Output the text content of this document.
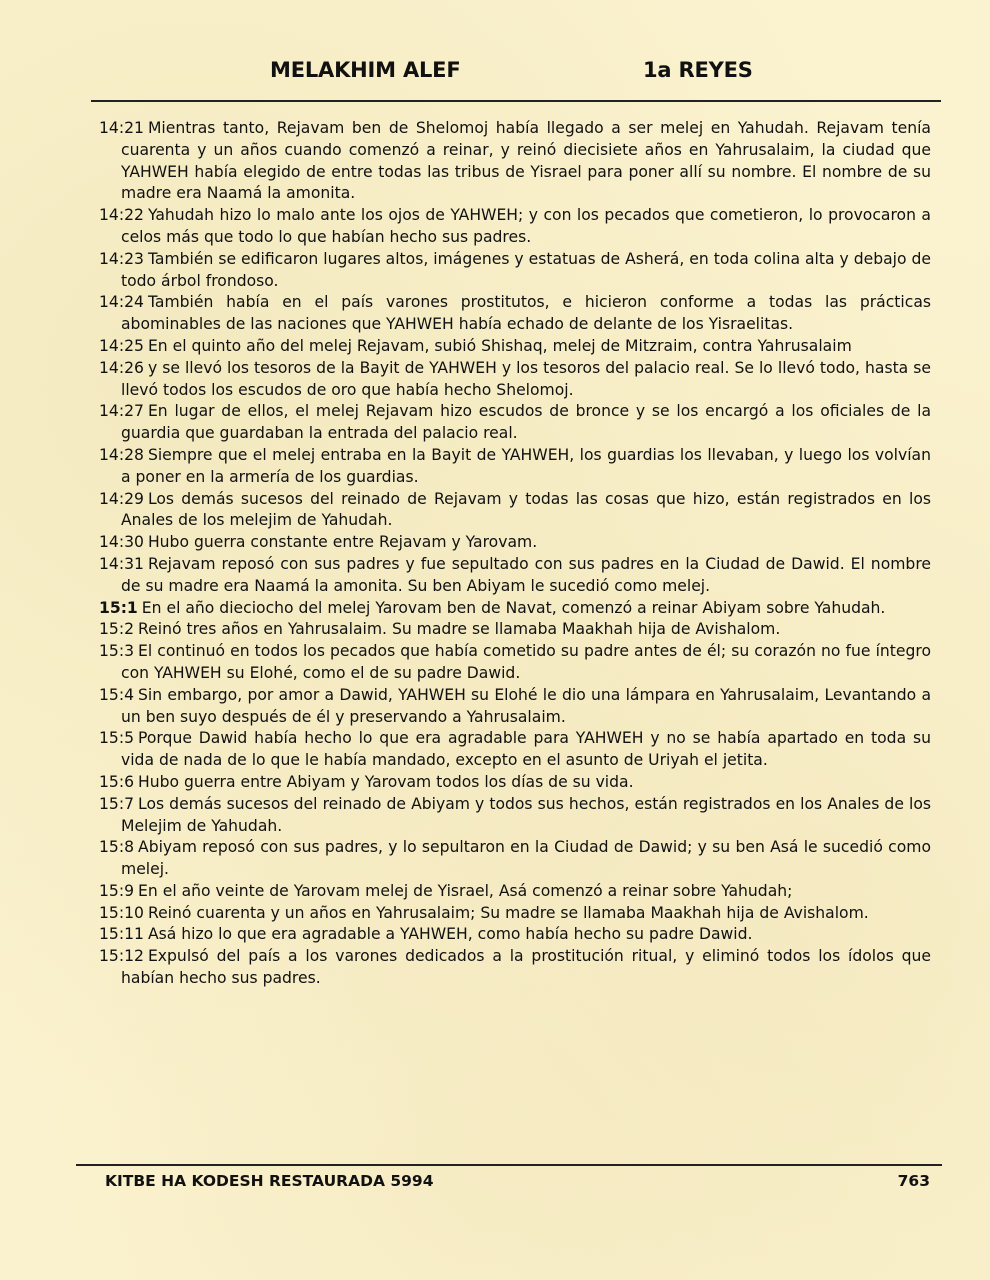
MELAKHIM ALEF	1a REYES

14:21 Mientras tanto, Rejavam ben de Shelomoj había llegado a ser melej en Yahudah. Rejavam tenía cuarenta y un años cuando comenzó a reinar, y reinó diecisiete años en Yahrusalaim, la ciudad que YAHWEH había elegido de entre todas las tribus de Yisrael para poner allí su nombre. El nombre de su madre era Naamá la amonita.

14:22 Yahudah hizo lo malo ante los ojos de YAHWEH; y con los pecados que cometieron, lo provocaron a celos más que todo lo que habían hecho sus padres.

14:23 También se edificaron lugares altos, imágenes y estatuas de Asherá, en toda colina alta y debajo de todo árbol frondoso.

14:24 También había en el país varones prostitutos, e hicieron conforme a todas las prácticas abominables de las naciones que YAHWEH había echado de delante de los Yisraelitas.

14:25 En el quinto año del melej Rejavam, subió Shishaq, melej de Mitzraim, contra Yahrusalaim

14:26 y se llevó los tesoros de la Bayit de YAHWEH y los tesoros del palacio real. Se lo llevó todo, hasta se llevó todos los escudos de oro que había hecho Shelomoj.

14:27 En lugar de ellos, el melej Rejavam hizo escudos de bronce y se los encargó a los oficiales de la guardia que guardaban la entrada del palacio real.

14:28 Siempre que el melej entraba en la Bayit de YAHWEH, los guardias los llevaban, y luego los volvían a poner en la armería de los guardias.

14:29 Los demás sucesos del reinado de Rejavam y todas las cosas que hizo, están registrados en los Anales de los melejim de Yahudah.

14:30 Hubo guerra constante entre Rejavam y Yarovam.

14:31 Rejavam reposó con sus padres y fue sepultado con sus padres en la Ciudad de Dawid. El nombre de su madre era Naamá la amonita. Su ben Abiyam le sucedió como melej.

15:1 En el año dieciocho del melej Yarovam ben de Navat, comenzó a reinar Abiyam sobre Yahudah.

15:2 Reinó tres años en Yahrusalaim. Su madre se llamaba Maakhah hija de Avishalom.

15:3 El continuó en todos los pecados que había cometido su padre antes de él; su corazón no fue íntegro con YAHWEH su Elohé, como el de su padre Dawid.

15:4 Sin embargo, por amor a Dawid, YAHWEH su Elohé le dio una lámpara en Yahrusalaim, Levantando a un ben suyo después de él y preservando a Yahrusalaim.

15:5 Porque Dawid había hecho lo que era agradable para YAHWEH y no se había apartado en toda su vida de nada de lo que le había mandado, excepto en el asunto de Uriyah el jetita.

15:6 Hubo guerra entre Abiyam y Yarovam todos los días de su vida.

15:7 Los demás sucesos del reinado de Abiyam y todos sus hechos, están registrados en los Anales de los Melejim de Yahudah.

15:8 Abiyam reposó con sus padres, y lo sepultaron en la Ciudad de Dawid; y su ben Asá le sucedió como melej.

15:9 En el año veinte de Yarovam melej de Yisrael, Asá comenzó a reinar sobre Yahudah;

15:10 Reinó cuarenta y un años en Yahrusalaim; Su madre se llamaba Maakhah hija de Avishalom.

15:11 Asá hizo lo que era agradable a YAHWEH, como había hecho su padre Dawid.

15:12 Expulsó del país a los varones dedicados a la prostitución ritual, y eliminó todos los ídolos que habían hecho sus padres.

KITBE HA KODESH RESTAURADA 5994	763
